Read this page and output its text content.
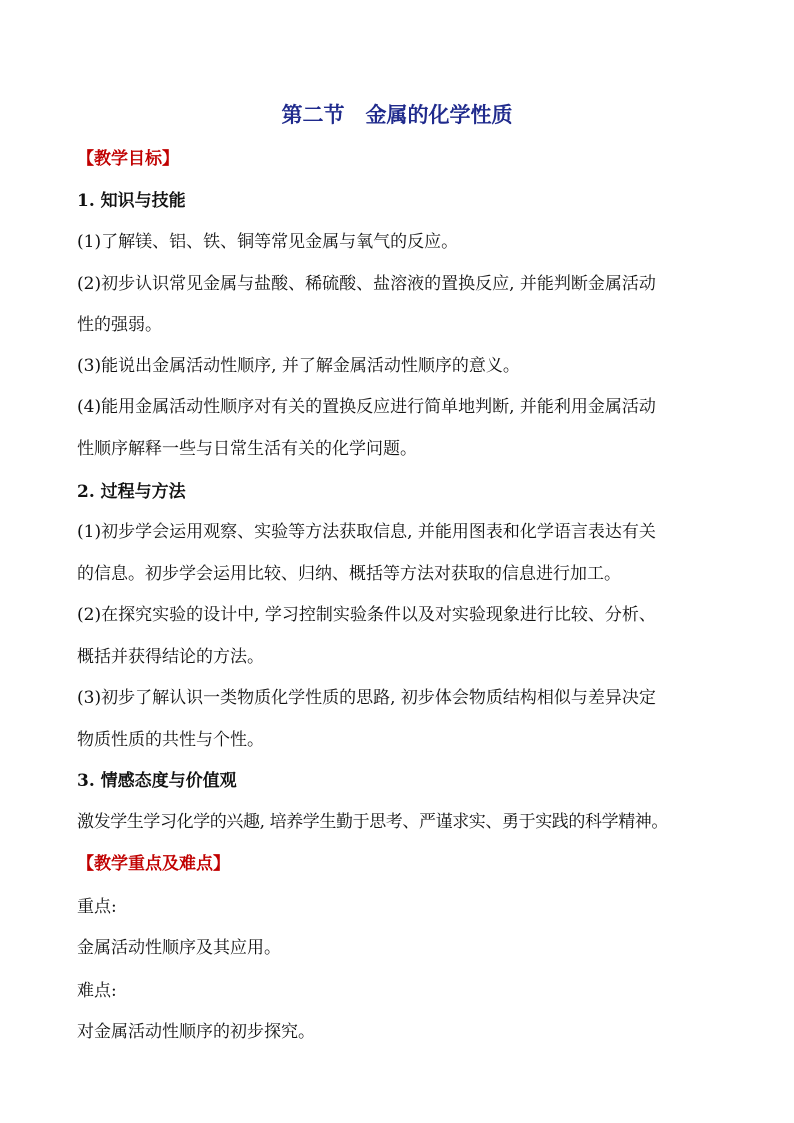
第二节　金属的化学性质
【教学目标】
1. 知识与技能
(1)了解镁、铝、铁、铜等常见金属与氧气的反应。
(2)初步认识常见金属与盐酸、稀硫酸、盐溶液的置换反应, 并能判断金属活动
性的强弱。
(3)能说出金属活动性顺序, 并了解金属活动性顺序的意义。
(4)能用金属活动性顺序对有关的置换反应进行简单地判断, 并能利用金属活动
性顺序解释一些与日常生活有关的化学问题。
2. 过程与方法
(1)初步学会运用观察、实验等方法获取信息, 并能用图表和化学语言表达有关
的信息。初步学会运用比较、归纳、概括等方法对获取的信息进行加工。
(2)在探究实验的设计中, 学习控制实验条件以及对实验现象进行比较、分析、
概括并获得结论的方法。
(3)初步了解认识一类物质化学性质的思路, 初步体会物质结构相似与差异决定
物质性质的共性与个性。
3. 情感态度与价值观
激发学生学习化学的兴趣, 培养学生勤于思考、严谨求实、勇于实践的科学精神。
【教学重点及难点】
重点:
金属活动性顺序及其应用。
难点:
对金属活动性顺序的初步探究。
